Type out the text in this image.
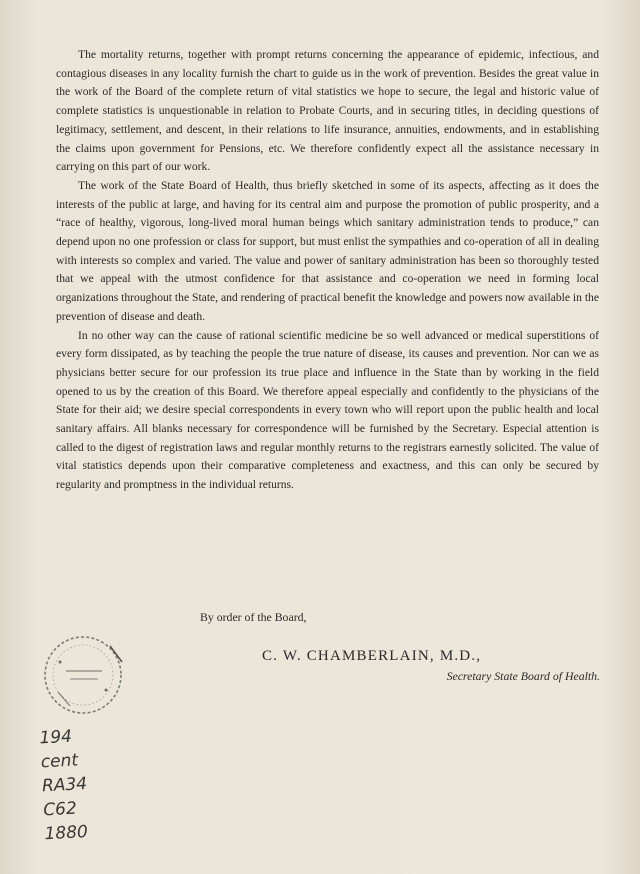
The mortality returns, together with prompt returns concerning the appearance of epidemic, infectious, and contagious diseases in any locality furnish the chart to guide us in the work of prevention. Besides the great value in the work of the Board of the complete return of vital statistics we hope to secure, the legal and historic value of complete statistics is unquestionable in relation to Probate Courts, and in securing titles, in deciding questions of legitimacy, settlement, and descent, in their relations to life insurance, annuities, endowments, and in establishing the claims upon government for Pensions, etc. We therefore confidently expect all the assistance necessary in carrying on this part of our work.

The work of the State Board of Health, thus briefly sketched in some of its aspects, affecting as it does the interests of the public at large, and having for its central aim and purpose the promotion of public prosperity, and a “race of healthy, vigorous, long-lived moral human beings which sanitary administration tends to produce,” can depend upon no one profession or class for support, but must enlist the sympathies and co-operation of all in dealing with interests so complex and varied. The value and power of sanitary administration has been so thoroughly tested that we appeal with the utmost confidence for that assistance and co-operation we need in forming local organizations throughout the State, and rendering of practical benefit the knowledge and powers now available in the prevention of disease and death.

In no other way can the cause of rational scientific medicine be so well advanced or medical superstitions of every form dissipated, as by teaching the people the true nature of disease, its causes and prevention. Nor can we as physicians better secure for our profession its true place and influence in the State than by working in the field opened to us by the creation of this Board. We therefore appeal especially and confidently to the physicians of the State for their aid; we desire special correspondents in every town who will report upon the public health and local sanitary affairs. All blanks necessary for correspondence will be furnished by the Secretary. Especial attention is called to the digest of registration laws and regular monthly returns to the registrars earnestly solicited. The value of vital statistics depends upon their comparative completeness and exactness, and this can only be secured by regularity and promptness in the individual returns.

By order of the Board,
C. W. CHAMBERLAIN, M.D.,
Secretary State Board of Health.
194
cent
RA34
C62
1880
